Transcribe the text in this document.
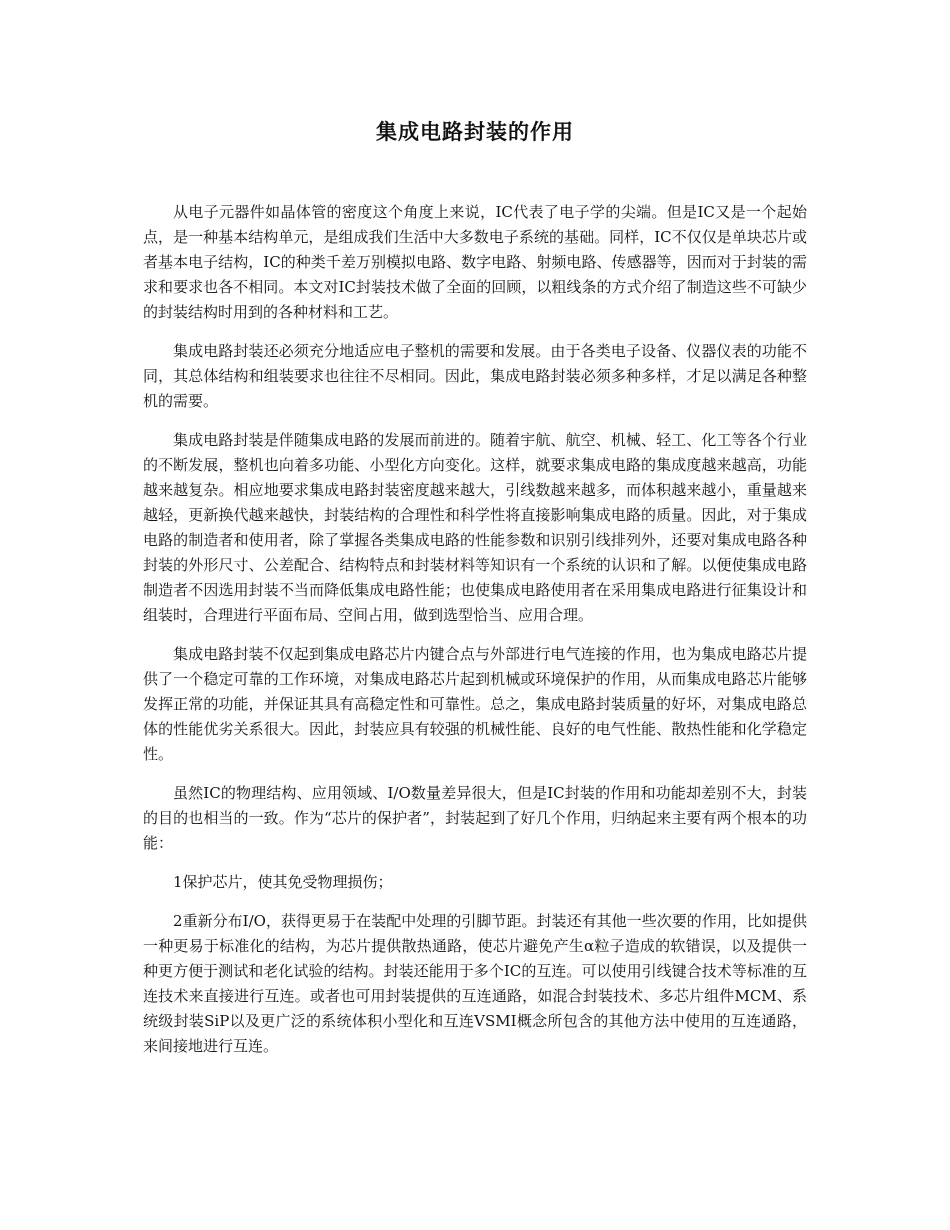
集成电路封装的作用

从电子元器件如晶体管的密度这个角度上来说，IC代表了电子学的尖端。但是IC又是一个起始点，是一种基本结构单元，是组成我们生活中大多数电子系统的基础。同样，IC不仅仅是单块芯片或者基本电子结构，IC的种类千差万别模拟电路、数字电路、射频电路、传感器等，因而对于封装的需求和要求也各不相同。本文对IC封装技术做了全面的回顾，以粗线条的方式介绍了制造这些不可缺少的封装结构时用到的各种材料和工艺。

集成电路封装还必须充分地适应电子整机的需要和发展。由于各类电子设备、仪器仪表的功能不同，其总体结构和组装要求也往往不尽相同。因此，集成电路封装必须多种多样，才足以满足各种整机的需要。

集成电路封装是伴随集成电路的发展而前进的。随着宇航、航空、机械、轻工、化工等各个行业的不断发展，整机也向着多功能、小型化方向变化。这样，就要求集成电路的集成度越来越高，功能越来越复杂。相应地要求集成电路封装密度越来越大，引线数越来越多，而体积越来越小，重量越来越轻，更新换代越来越快，封装结构的合理性和科学性将直接影响集成电路的质量。因此，对于集成电路的制造者和使用者，除了掌握各类集成电路的性能参数和识别引线排列外，还要对集成电路各种封装的外形尺寸、公差配合、结构特点和封装材料等知识有一个系统的认识和了解。以便使集成电路制造者不因选用封装不当而降低集成电路性能；也使集成电路使用者在采用集成电路进行征集设计和组装时，合理进行平面布局、空间占用，做到选型恰当、应用合理。

集成电路封装不仅起到集成电路芯片内键合点与外部进行电气连接的作用，也为集成电路芯片提供了一个稳定可靠的工作环境，对集成电路芯片起到机械或环境保护的作用，从而集成电路芯片能够发挥正常的功能，并保证其具有高稳定性和可靠性。总之，集成电路封装质量的好坏，对集成电路总体的性能优劣关系很大。因此，封装应具有较强的机械性能、良好的电气性能、散热性能和化学稳定性。

虽然IC的物理结构、应用领域、I/O数量差异很大，但是IC封装的作用和功能却差别不大，封装的目的也相当的一致。作为“芯片的保护者”，封装起到了好几个作用，归纳起来主要有两个根本的功能：

1保护芯片，使其免受物理损伤；

2重新分布I/O，获得更易于在装配中处理的引脚节距。封装还有其他一些次要的作用，比如提供一种更易于标准化的结构，为芯片提供散热通路，使芯片避免产生α粒子造成的软错误，以及提供一种更方便于测试和老化试验的结构。封装还能用于多个IC的互连。可以使用引线键合技术等标准的互连技术来直接进行互连。或者也可用封装提供的互连通路，如混合封装技术、多芯片组件MCM、系统级封装SiP以及更广泛的系统体积小型化和互连VSMI概念所包含的其他方法中使用的互连通路，来间接地进行互连。
